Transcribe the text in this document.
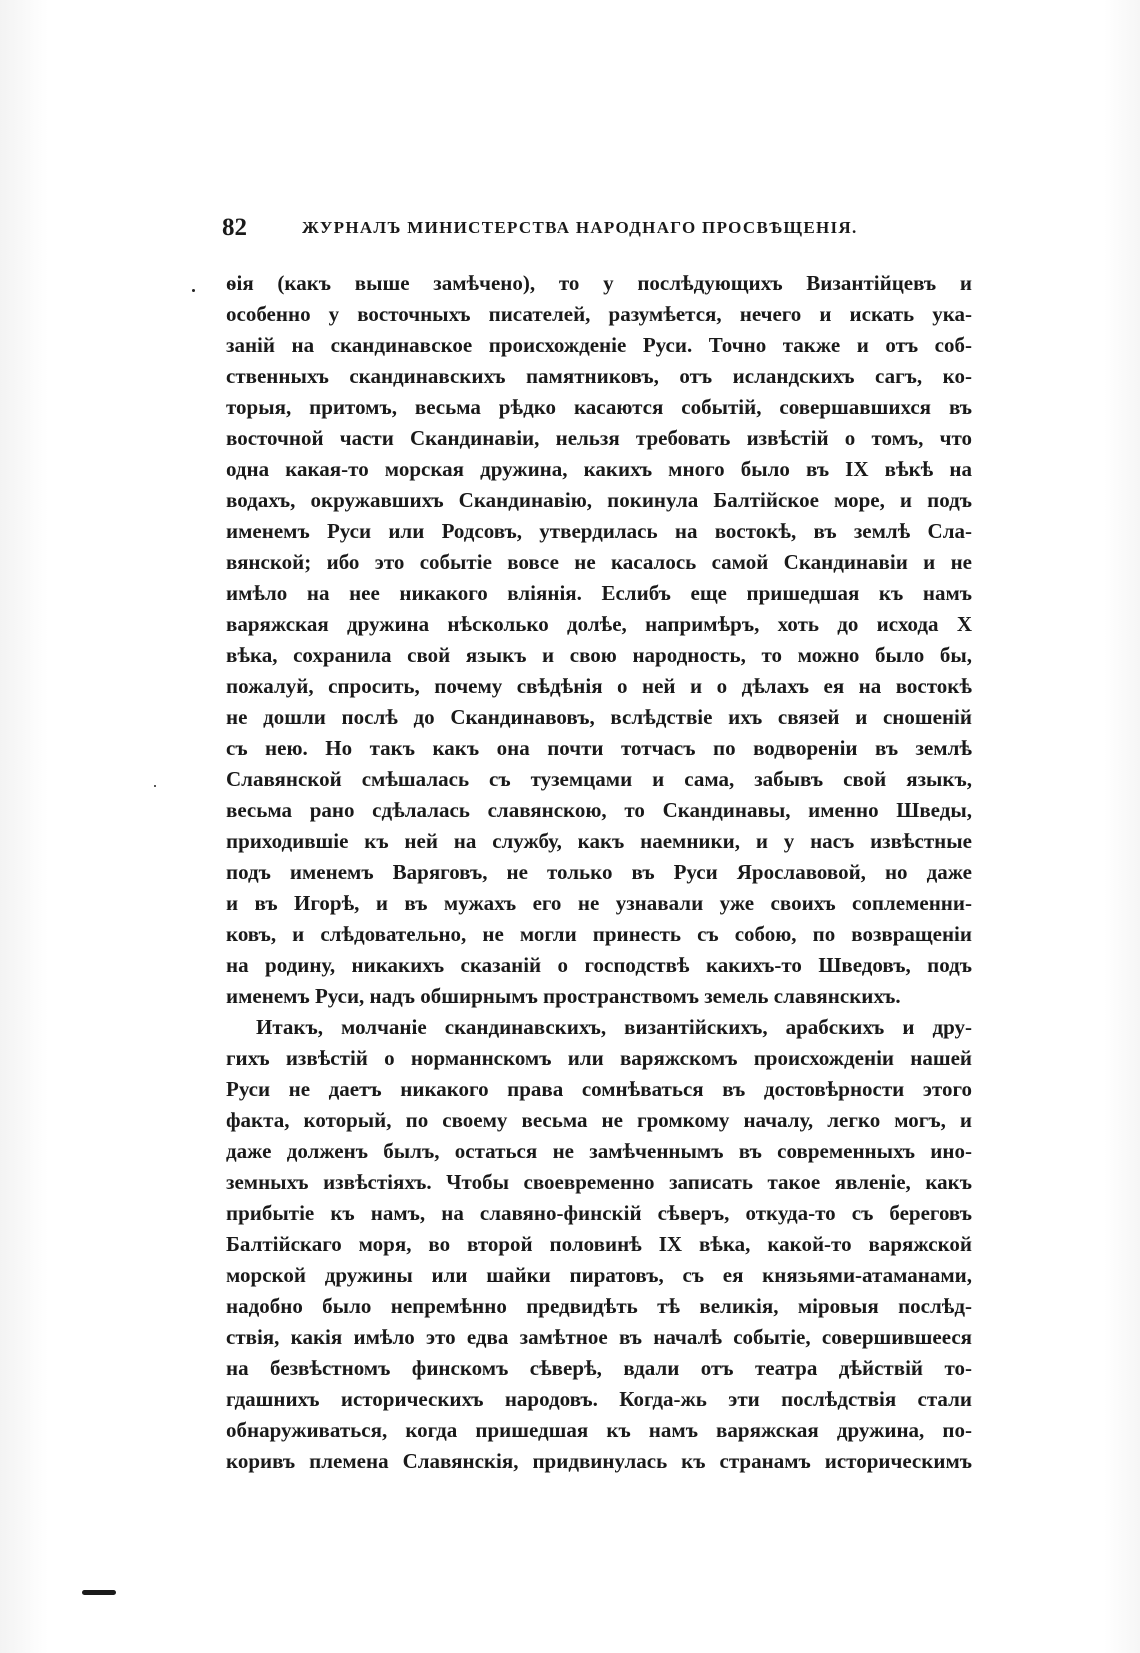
82	ЖУРНАЛЪ МИНИСТЕРСТВА НАРОДНАГО ПРОСВѢЩЕНІЯ.
ѳія (какъ выше замѣчено), то у послѣдующихъ Византійцевъ и
особенно у восточныхъ писателей, разумѣется, нечего и искать ука-
заній на скандинавское происхожденіе Руси. Точно также и отъ соб-
ственныхъ скандинавскихъ памятниковъ, отъ исландскихъ сагъ, ко-
торыя, притомъ, весьма рѣдко касаются событій, совершавшихся въ
восточной части Скандинавіи, нельзя требовать извѣстій о томъ, что
одна какая-то морская дружина, какихъ много было въ IX вѣкѣ на
водахъ, окружавшихъ Скандинавію, покинула Балтійское море, и подъ
именемъ Руси или Родсовъ, утвердилась на востокѣ, въ землѣ Сла-
вянской; ибо это событіе вовсе не касалось самой Скандинавіи и не
имѣло на нее никакого вліянія. Еслибъ еще пришедшая къ намъ
варяжская дружина нѣсколько долѣе, напримѣръ, хоть до исхода X
вѣка, сохранила свой языкъ и свою народность, то можно было бы,
пожалуй, спросить, почему свѣдѣнія о ней и о дѣлахъ ея на востокѣ
не дошли послѣ до Скандинавовъ, вслѣдствіе ихъ связей и сношеній
съ нею. Но такъ какъ она почти тотчасъ по водвореніи въ землѣ
Славянской смѣшалась съ туземцами и сама, забывъ свой языкъ,
весьма рано сдѣлалась славянскою, то Скандинавы, именно Шведы,
приходившіе къ ней на службу, какъ наемники, и у насъ извѣстные
подъ именемъ Варяговъ, не только въ Руси Ярославовой, но даже
и въ Игорѣ, и въ мужахъ его не узнавали уже своихъ соплеменни-
ковъ, и слѣдовательно, не могли принесть съ собою, по возвращеніи
на родину, никакихъ сказаній о господствѣ какихъ-то Шведовъ, подъ
именемъ Руси, надъ обширнымъ пространствомъ земель славянскихъ.
Итакъ, молчаніе скандинавскихъ, византійскихъ, арабскихъ и дру-
гихъ извѣстій о норманнскомъ или варяжскомъ происхожденіи нашей
Руси не даетъ никакого права сомнѣваться въ достовѣрности этого
факта, который, по своему весьма не громкому началу, легко могъ, и
даже долженъ былъ, остаться не замѣченнымъ въ современныхъ ино-
земныхъ извѣстіяхъ. Чтобы своевременно записать такое явленіе, какъ
прибытіе къ намъ, на славяно-финскій сѣверъ, откуда-то съ береговъ
Балтійскаго моря, во второй половинѣ IX вѣка, какой-то варяжской
морской дружины или шайки пиратовъ, съ ея князьями-атаманами,
надобно было непремѣнно предвидѣть тѣ великія, міровыя послѣд-
ствія, какія имѣло это едва замѣтное въ началѣ событіе, совершившееся
на безвѣстномъ финскомъ сѣверѣ, вдали отъ театра дѣйствій то-
гдашнихъ историческихъ народовъ. Когда-жь эти послѣдствія стали
обнаруживаться, когда пришедшая къ намъ варяжская дружина, по-
коривъ племена Славянскія, придвинулась къ странамъ историческимъ
